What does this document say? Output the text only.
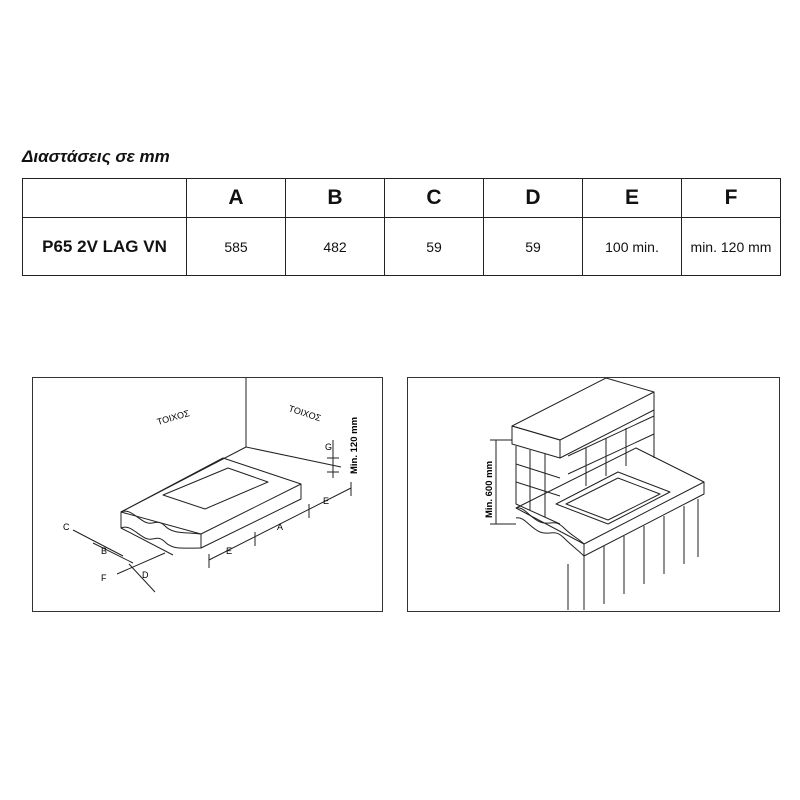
Διαστάσεις σε mm
	A	B	C	D	E	F
P65 2V LAG VN	585	482	59	59	100 min.	min. 120 mm
ΤΟΙΧΟΣ	ΤΟΙΧΟΣ
Min. 120 mm
C
B
F	D
E
A
E
G
Min. 600 mm
